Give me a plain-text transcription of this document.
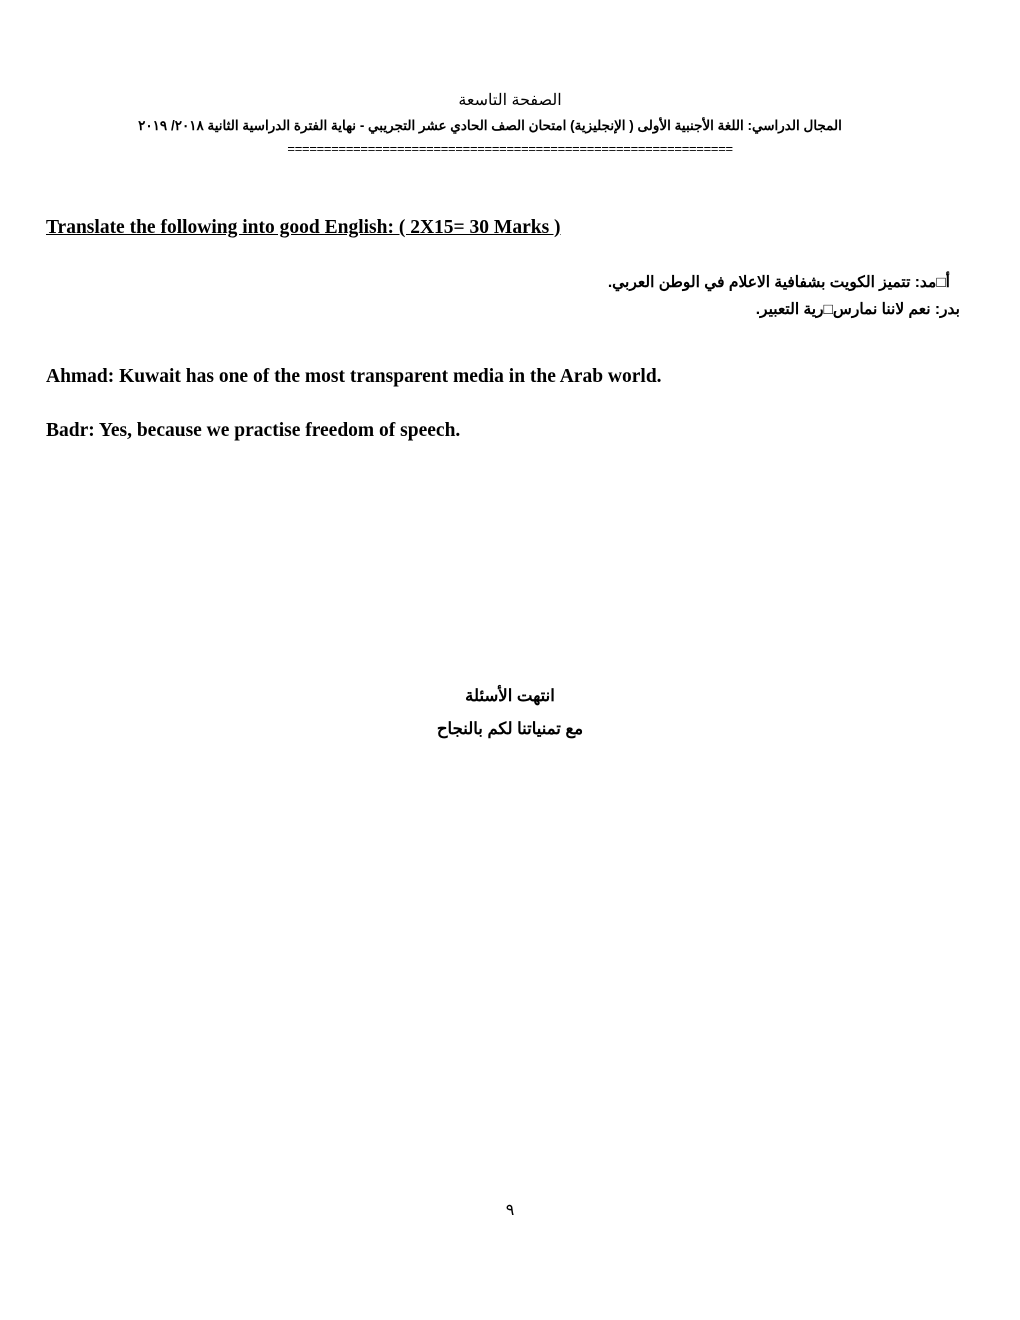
الصفحة التاسعة
المجال الدراسي: اللغة الأجنبية الأولى ( الإنجليزية) امتحان الصف الحادي عشر التجريبي - نهاية الفترة الدراسية الثانية ٢٠١٨/ ٢٠١٩
=============================================================
Translate the following into good English: ( 2X15= 30 Marks )
أ□مد: تتميز الكويت بشفافية الاعلام في الوطن العربي.
بدر: نعم لاننا نمارس□رية التعبير.
Ahmad: Kuwait has one of the most transparent media in the Arab world.
Badr: Yes, because we practise freedom of speech.
انتهت الأسئلة
مع تمنياتنا لكم بالنجاح
٩
